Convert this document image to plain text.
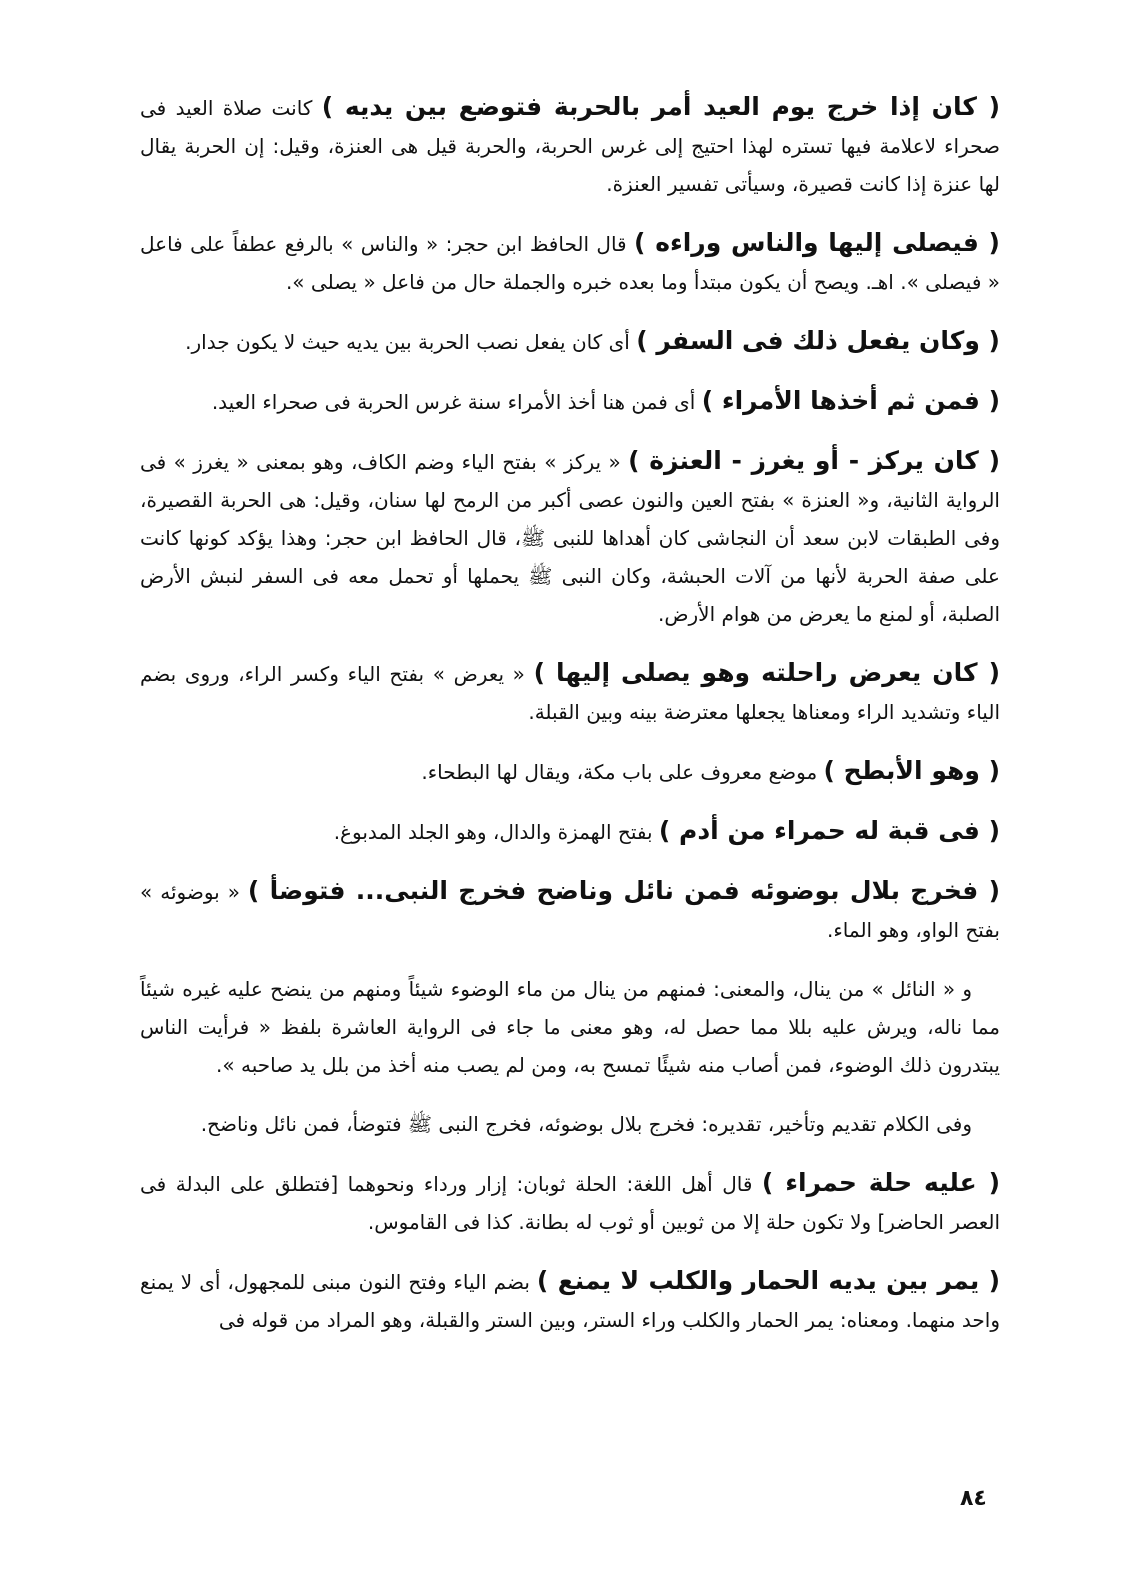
( كان إذا خرج يوم العيد أمر بالحربة فتوضع بين يديه ) كانت صلاة العيد فى صحراء لاعلامة فيها تستره لهذا احتيج إلى غرس الحربة، والحربة قيل هى العنزة، وقيل: إن الحربة يقال لها عنزة إذا كانت قصيرة، وسيأتى تفسير العنزة.

( فيصلى إليها والناس وراءه ) قال الحافظ ابن حجر: « والناس » بالرفع عطفاً على فاعل « فيصلى ». اهـ. ويصح أن يكون مبتدأ وما بعده خبره والجملة حال من فاعل « يصلى ».

( وكان يفعل ذلك فى السفر ) أى كان يفعل نصب الحربة بين يديه حيث لا يكون جدار.

( فمن ثم أخذها الأمراء ) أى فمن هنا أخذ الأمراء سنة غرس الحربة فى صحراء العيد.

( كان يركز - أو يغرز - العنزة ) « يركز » بفتح الياء وضم الكاف، وهو بمعنى « يغرز » فى الرواية الثانية، و« العنزة » بفتح العين والنون عصى أكبر من الرمح لها سنان، وقيل: هى الحربة القصيرة، وفى الطبقات لابن سعد أن النجاشى كان أهداها للنبى ﷺ، قال الحافظ ابن حجر: وهذا يؤكد كونها كانت على صفة الحربة لأنها من آلات الحبشة، وكان النبى ﷺ يحملها أو تحمل معه فى السفر لنبش الأرض الصلبة، أو لمنع ما يعرض من هوام الأرض.

( كان يعرض راحلته وهو يصلى إليها ) « يعرض » بفتح الياء وكسر الراء، وروى بضم الياء وتشديد الراء ومعناها يجعلها معترضة بينه وبين القبلة.

( وهو الأبطح ) موضع معروف على باب مكة، ويقال لها البطحاء.

( فى قبة له حمراء من أدم ) بفتح الهمزة والدال، وهو الجلد المدبوغ.

( فخرج بلال بوضوئه فمن نائل وناضح فخرج النبى... فتوضأ ) « بوضوئه » بفتح الواو، وهو الماء.

و « النائل » من ينال، والمعنى: فمنهم من ينال من ماء الوضوء شيئاً ومنهم من ينضح عليه غيره شيئاً مما ناله، ويرش عليه بللا مما حصل له، وهو معنى ما جاء فى الرواية العاشرة بلفظ « فرأيت الناس يبتدرون ذلك الوضوء، فمن أصاب منه شيئًا تمسح به، ومن لم يصب منه أخذ من بلل يد صاحبه ».

وفى الكلام تقديم وتأخير، تقديره: فخرج بلال بوضوئه، فخرج النبى ﷺ فتوضأ، فمن نائل وناضح.

( عليه حلة حمراء ) قال أهل اللغة: الحلة ثوبان: إزار ورداء ونحوهما [فتطلق على البدلة فى العصر الحاضر] ولا تكون حلة إلا من ثوبين أو ثوب له بطانة. كذا فى القاموس.

( يمر بين يديه الحمار والكلب لا يمنع ) بضم الياء وفتح النون مبنى للمجهول، أى لا يمنع واحد منهما. ومعناه: يمر الحمار والكلب وراء الستر، وبين الستر والقبلة، وهو المراد من قوله فى

٨٤
